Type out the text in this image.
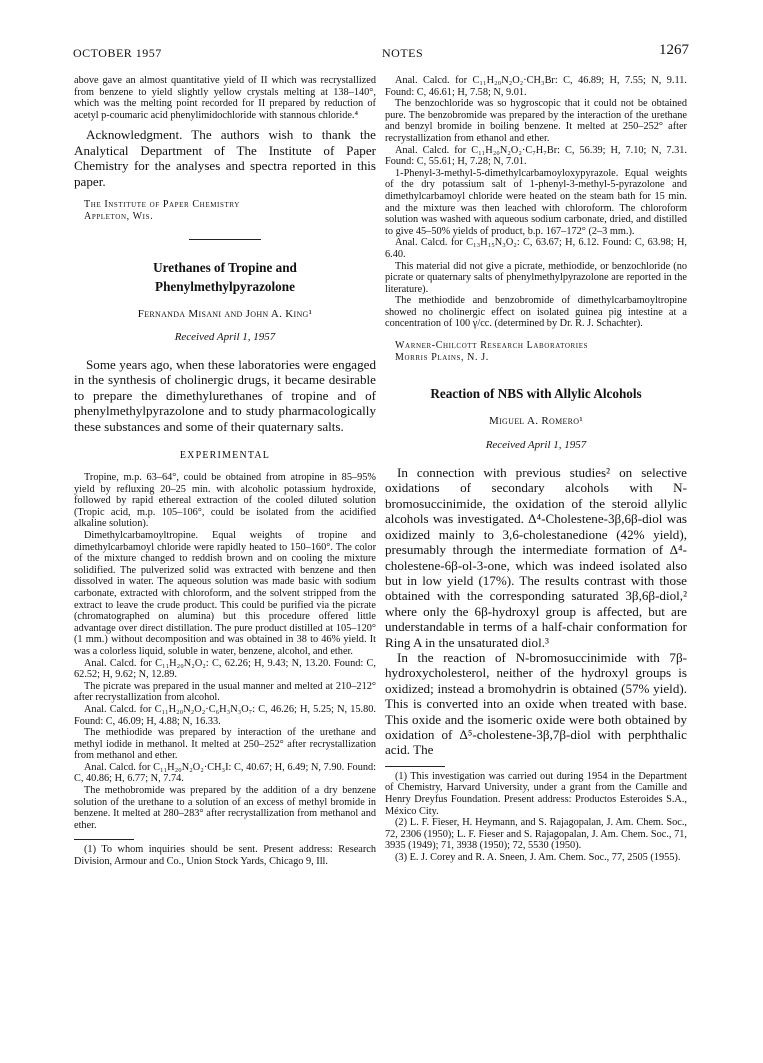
OCTOBER 1957	NOTES	1267

above gave an almost quantitative yield of II which was recrystallized from benzene to yield slightly yellow crystals melting at 138–140°, which was the melting point recorded for II prepared by reduction of acetyl p-coumaric acid phenylimidochloride with stannous chloride.⁴

Acknowledgment. The authors wish to thank the Analytical Department of The Institute of Paper Chemistry for the analyses and spectra reported in this paper.

The Institute of Paper Chemistry

Appleton, Wis.

Urethanes of Tropine and

Phenylmethylpyrazolone

Fernanda Misani and John A. King¹

Received April 1, 1957

Some years ago, when these laboratories were engaged in the synthesis of cholinergic drugs, it became desirable to prepare the dimethylurethanes of tropine and of phenylmethylpyrazolone and to study pharmacologically these substances and some of their quaternary salts.

EXPERIMENTAL

Tropine, m.p. 63–64°, could be obtained from atropine in 85–95% yield by refluxing 20–25 min. with alcoholic potassium hydroxide, followed by rapid ethereal extraction of the cooled diluted solution (Tropic acid, m.p. 105–106°, could be isolated from the acidified alkaline solution).

Dimethylcarbamoyltropine. Equal weights of tropine and dimethylcarbamoyl chloride were rapidly heated to 150–160°. The color of the mixture changed to reddish brown and on cooling the mixture solidified. The pulverized solid was extracted with benzene and then dissolved in water. The aqueous solution was made basic with sodium carbonate, extracted with chloroform, and the solvent stripped from the extract to leave the crude product. This could be purified via the picrate (chromatographed on alumina) but this procedure offered little advantage over direct distillation. The pure product distilled at 105–120° (1 mm.) without decomposition and was obtained in 38 to 46% yield. It was a colorless liquid, soluble in water, benzene, alcohol, and ether.

Anal. Calcd. for C₁₁H₂₀N₂O₂: C, 62.26; H, 9.43; N, 13.20. Found: C, 62.52; H, 9.62; N, 12.89.

The picrate was prepared in the usual manner and melted at 210–212° after recrystallization from alcohol.

Anal. Calcd. for C₁₁H₂₀N₂O₂·C₆H₃N₃O₇: C, 46.26; H, 5.25; N, 15.80. Found: C, 46.09; H, 4.88; N, 16.33.

The methiodide was prepared by interaction of the urethane and methyl iodide in methanol. It melted at 250–252° after recrystallization from methanol and ether.

Anal. Calcd. for C₁₁H₂₀N₂O₂·CH₃I: C, 40.67; H, 6.49; N, 7.90. Found: C, 40.86; H, 6.77; N, 7.74.

The methobromide was prepared by the addition of a dry benzene solution of the urethane to a solution of an excess of methyl bromide in benzene. It melted at 280–283° after recrystallization from methanol and ether.

(1) To whom inquiries should be sent. Present address: Research Division, Armour and Co., Union Stock Yards, Chicago 9, Ill.

Anal. Calcd. for C₁₁H₂₀N₂O₂·CH₃Br: C, 46.89; H, 7.55; N, 9.11. Found: C, 46.61; H, 7.58; N, 9.01.

The benzochloride was so hygroscopic that it could not be obtained pure. The benzobromide was prepared by the interaction of the urethane and benzyl bromide in boiling benzene. It melted at 250–252° after recrystallization from ethanol and ether.

Anal. Calcd. for C₁₁H₂₀N₂O₂·C₇H₇Br: C, 56.39; H, 7.10; N, 7.31. Found: C, 55.61; H, 7.28; N, 7.01.

1-Phenyl-3-methyl-5-dimethylcarbamoyloxypyrazole. Equal weights of the dry potassium salt of 1-phenyl-3-methyl-5-pyrazolone and dimethylcarbamoyl chloride were heated on the steam bath for 15 min. and the mixture was then leached with chloroform. The chloroform solution was washed with aqueous sodium carbonate, dried, and distilled to give 45–50% yields of product, b.p. 167–172° (2–3 mm.).

Anal. Calcd. for C₁₃H₁₅N₃O₂: C, 63.67; H, 6.12. Found: C, 63.98; H, 6.40.

This material did not give a picrate, methiodide, or benzochloride (no picrate or quaternary salts of phenylmethylpyrazolone are reported in the literature).

The methiodide and benzobromide of dimethylcarbamoyltropine showed no cholinergic effect on isolated guinea pig intestine at a concentration of 100 γ/cc. (determined by Dr. R. J. Schachter).

Warner-Chilcott Research Laboratories

Morris Plains, N. J.

Reaction of NBS with Allylic Alcohols

Miguel A. Romero¹

Received April 1, 1957

In connection with previous studies² on selective oxidations of secondary alcohols with N-bromosuccinimide, the oxidation of the steroid allylic alcohols was investigated. Δ⁴-Cholestene-3β,6β-diol was oxidized mainly to 3,6-cholestanedione (42% yield), presumably through the intermediate formation of Δ⁴-cholestene-6β-ol-3-one, which was indeed isolated also but in low yield (17%). The results contrast with those obtained with the corresponding saturated 3β,6β-diol,² where only the 6β-hydroxyl group is affected, but are understandable in terms of a half-chair conformation for Ring A in the unsaturated diol.³

In the reaction of N-bromosuccinimide with 7β-hydroxycholesterol, neither of the hydroxyl groups is oxidized; instead a bromohydrin is obtained (57% yield). This is converted into an oxide when treated with base. This oxide and the isomeric oxide were both obtained by oxidation of Δ⁵-cholestene-3β,7β-diol with perphthalic acid. The

(1) This investigation was carried out during 1954 in the Department of Chemistry, Harvard University, under a grant from the Camille and Henry Dreyfus Foundation. Present address: Productos Esteroides S.A., México City.

(2) L. F. Fieser, H. Heymann, and S. Rajagopalan, J. Am. Chem. Soc., 72, 2306 (1950); L. F. Fieser and S. Rajagopalan, J. Am. Chem. Soc., 71, 3935 (1949); 71, 3938 (1950); 72, 5530 (1950).

(3) E. J. Corey and R. A. Sneen, J. Am. Chem. Soc., 77, 2505 (1955).
